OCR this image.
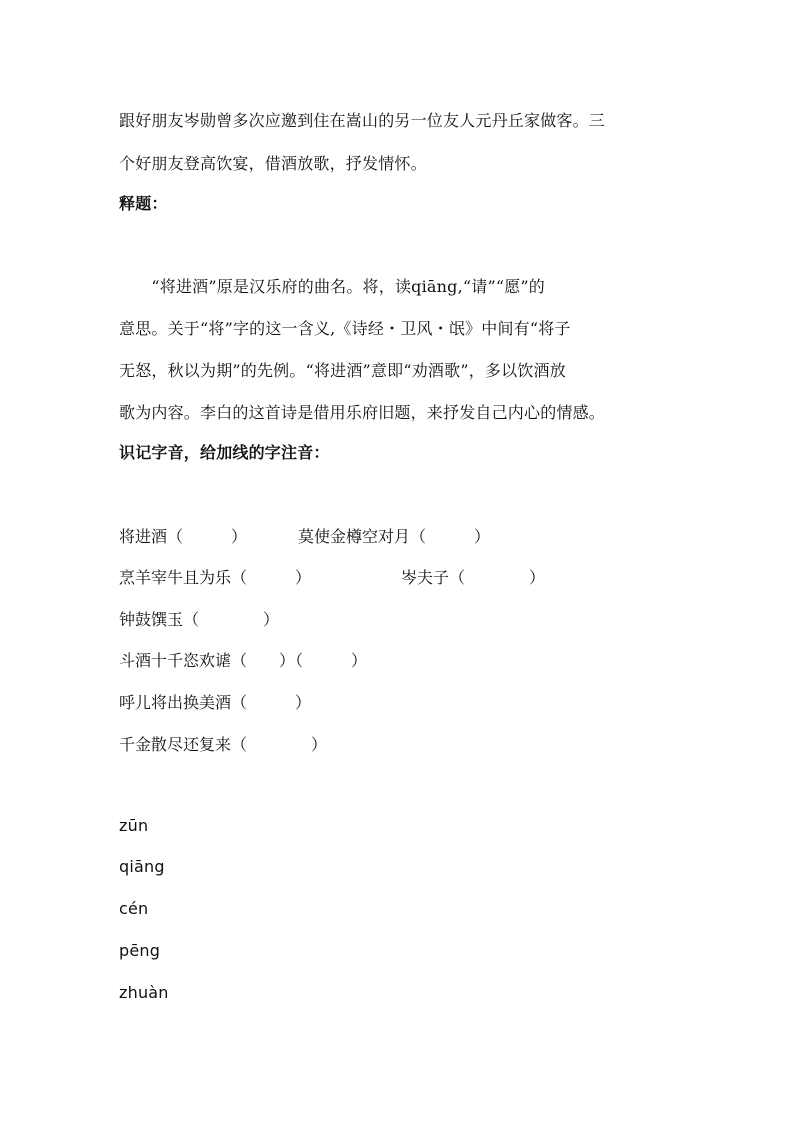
跟好朋友岑勋曾多次应邀到住在嵩山的另一位友人元丹丘家做客。三
个好朋友登高饮宴，借酒放歌，抒发情怀。
释题：
　　“将进酒”原是汉乐府的曲名。将，读qiāng,“请”“愿”的
意思。关于“将”字的这一含义,《诗经・卫风・氓》中间有“将子
无怒，秋以为期”的先例。“将进酒”意即“劝酒歌”，多以饮酒放
歌为内容。李白的这首诗是借用乐府旧题，来抒发自己内心的情感。
识记字音，给加线的字注音：
将进酒（　　　）	莫使金樽空对月（　　　）
烹羊宰牛且为乐（　　　）	岑夫子（　　　　）
钟鼓馔玉（　　　　）
斗酒十千恣欢谑（　　）（　　　）
呼儿将出换美酒（　　　）
千金散尽还复来（　　　　）
zūn
qiāng
cén
pēng
zhuàn
